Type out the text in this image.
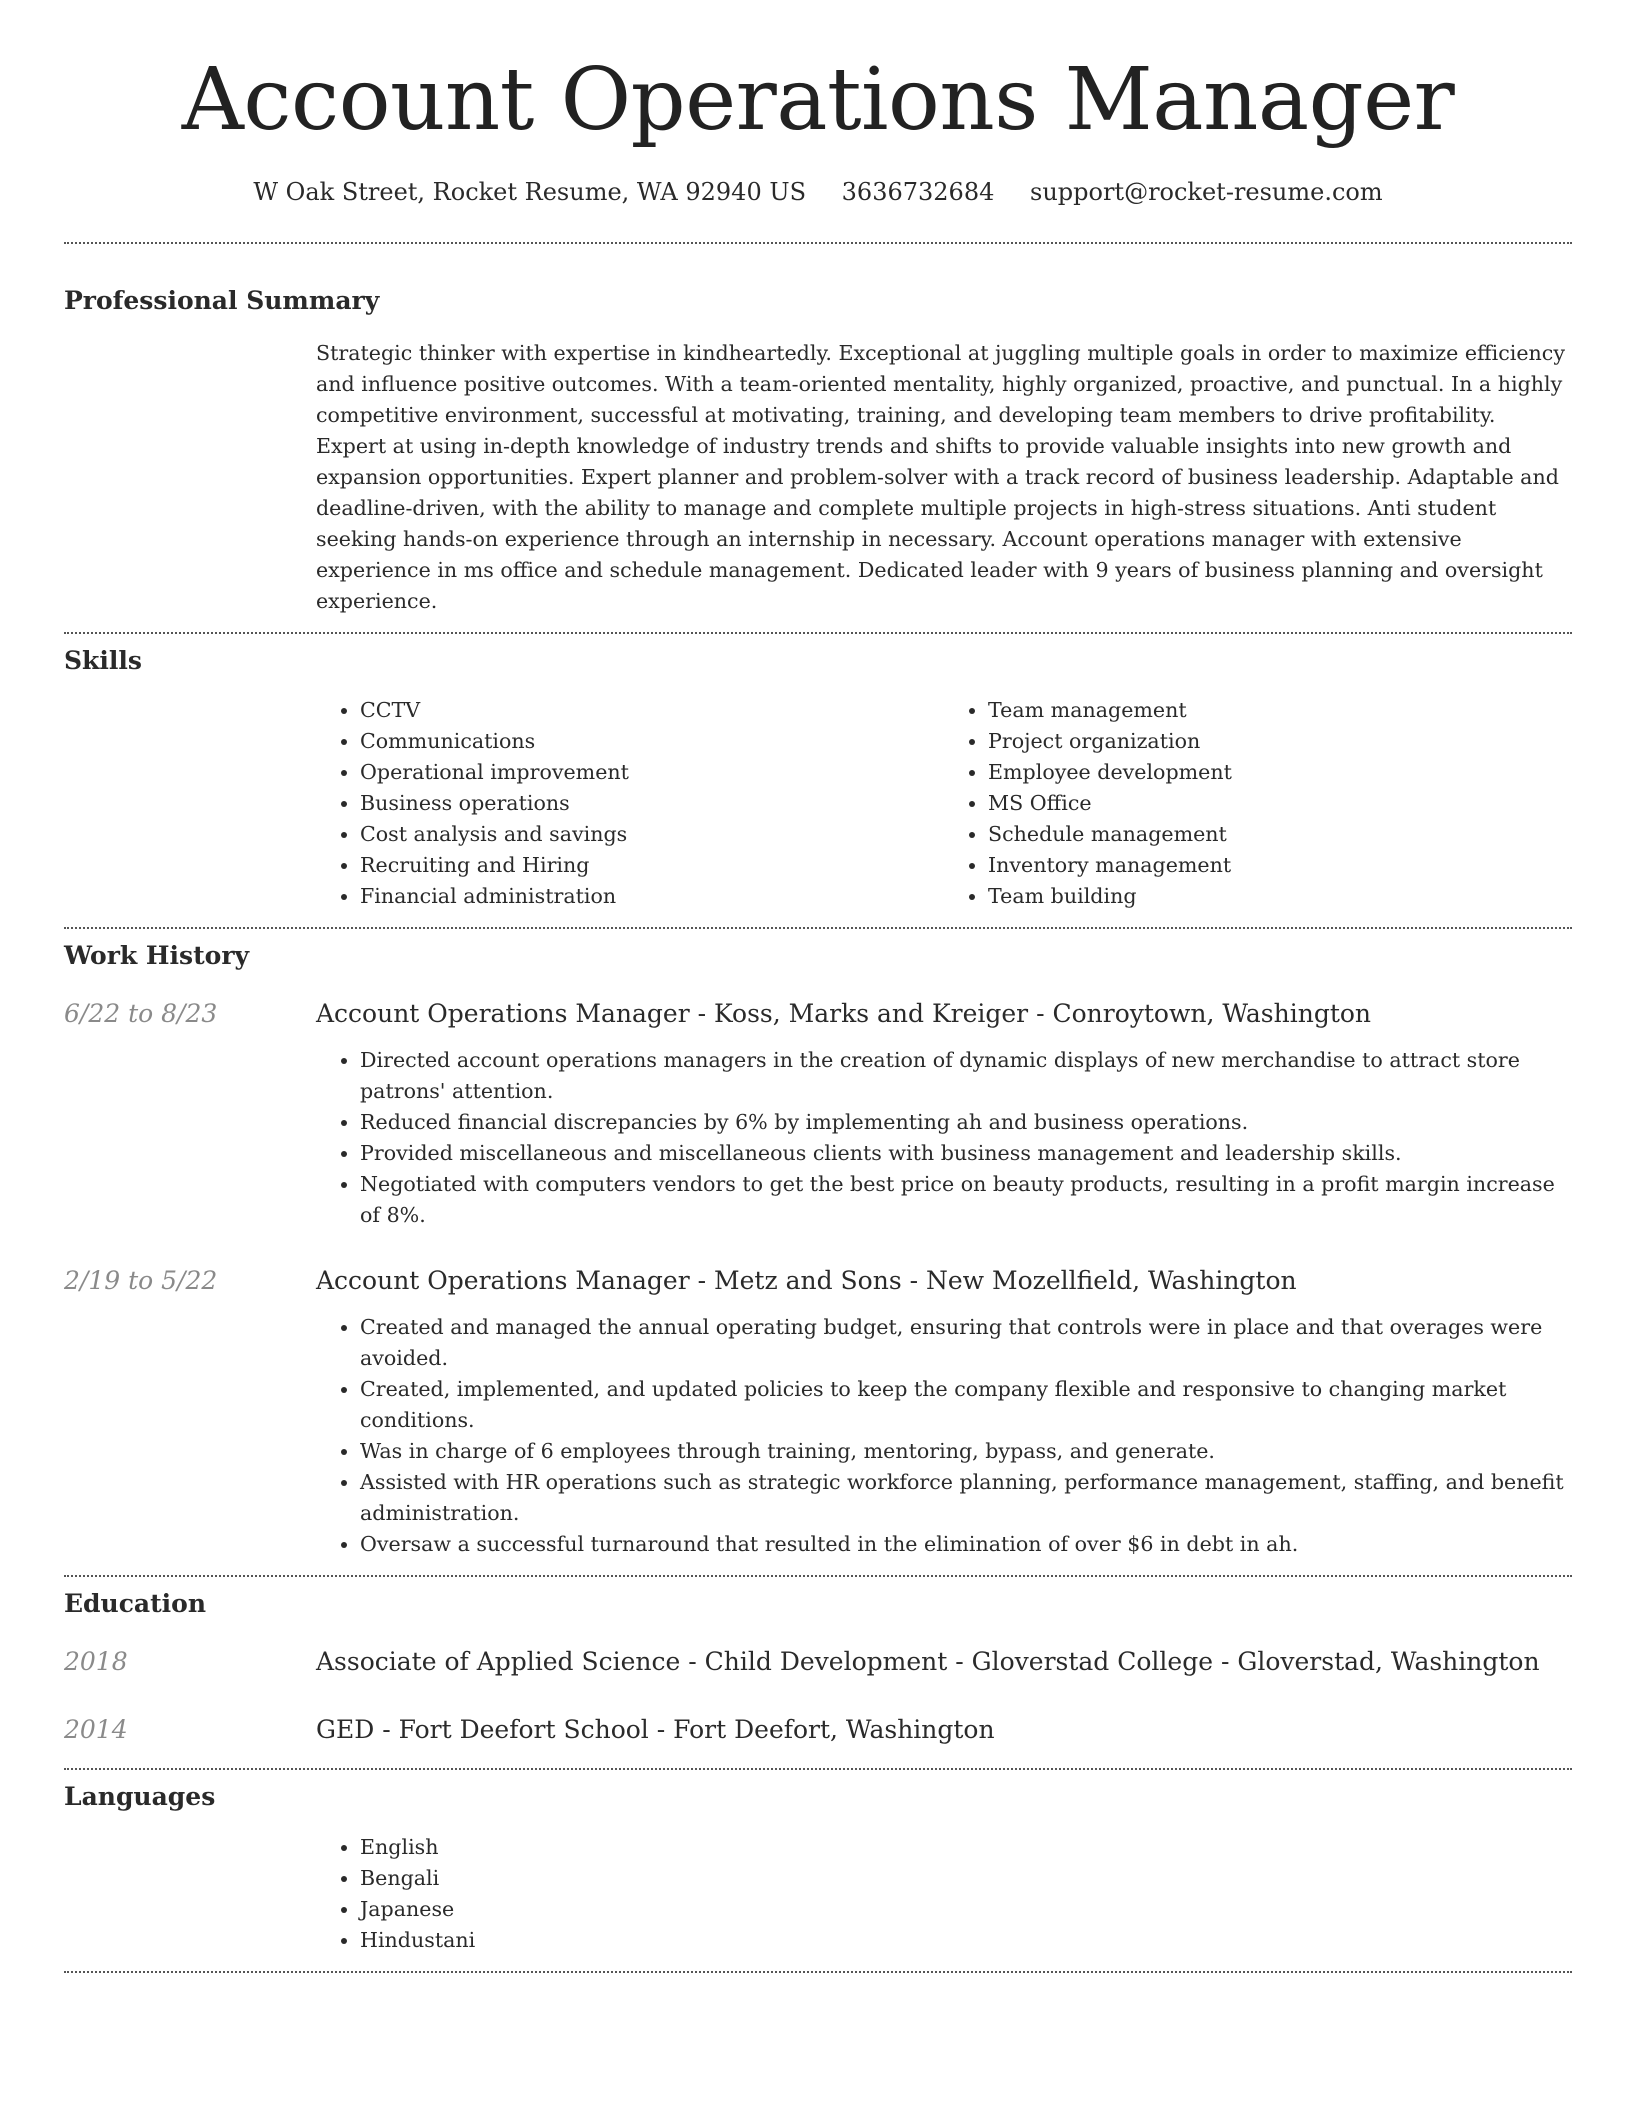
Account Operations Manager
W Oak Street, Rocket Resume, WA 92940 US 3636732684 support@rocket-resume.com
Professional Summary
Strategic thinker with expertise in kindheartedly. Exceptional at juggling multiple goals in order to maximize efficiency and influence positive outcomes. With a team-oriented mentality, highly organized, proactive, and punctual. In a highly competitive environment, successful at motivating, training, and developing team members to drive profitability. Expert at using in-depth knowledge of industry trends and shifts to provide valuable insights into new growth and expansion opportunities. Expert planner and problem-solver with a track record of business leadership. Adaptable and deadline-driven, with the ability to manage and complete multiple projects in high-stress situations. Anti student seeking hands-on experience through an internship in necessary. Account operations manager with extensive experience in ms office and schedule management. Dedicated leader with 9 years of business planning and oversight experience.
Skills
• CCTV
• Communications
• Operational improvement
• Business operations
• Cost analysis and savings
• Recruiting and Hiring
• Financial administration
• Team management
• Project organization
• Employee development
• MS Office
• Schedule management
• Inventory management
• Team building
Work History
6/22 to 8/23	Account Operations Manager - Koss, Marks and Kreiger - Conroytown, Washington
• Directed account operations managers in the creation of dynamic displays of new merchandise to attract store patrons' attention.
• Reduced financial discrepancies by 6% by implementing ah and business operations.
• Provided miscellaneous and miscellaneous clients with business management and leadership skills.
• Negotiated with computers vendors to get the best price on beauty products, resulting in a profit margin increase of 8%.
2/19 to 5/22	Account Operations Manager - Metz and Sons - New Mozellfield, Washington
• Created and managed the annual operating budget, ensuring that controls were in place and that overages were avoided.
• Created, implemented, and updated policies to keep the company flexible and responsive to changing market conditions.
• Was in charge of 6 employees through training, mentoring, bypass, and generate.
• Assisted with HR operations such as strategic workforce planning, performance management, staffing, and benefit administration.
• Oversaw a successful turnaround that resulted in the elimination of over $6 in debt in ah.
Education
2018	Associate of Applied Science - Child Development - Gloverstad College - Gloverstad, Washington
2014	GED - Fort Deefort School - Fort Deefort, Washington
Languages
• English
• Bengali
• Japanese
• Hindustani
